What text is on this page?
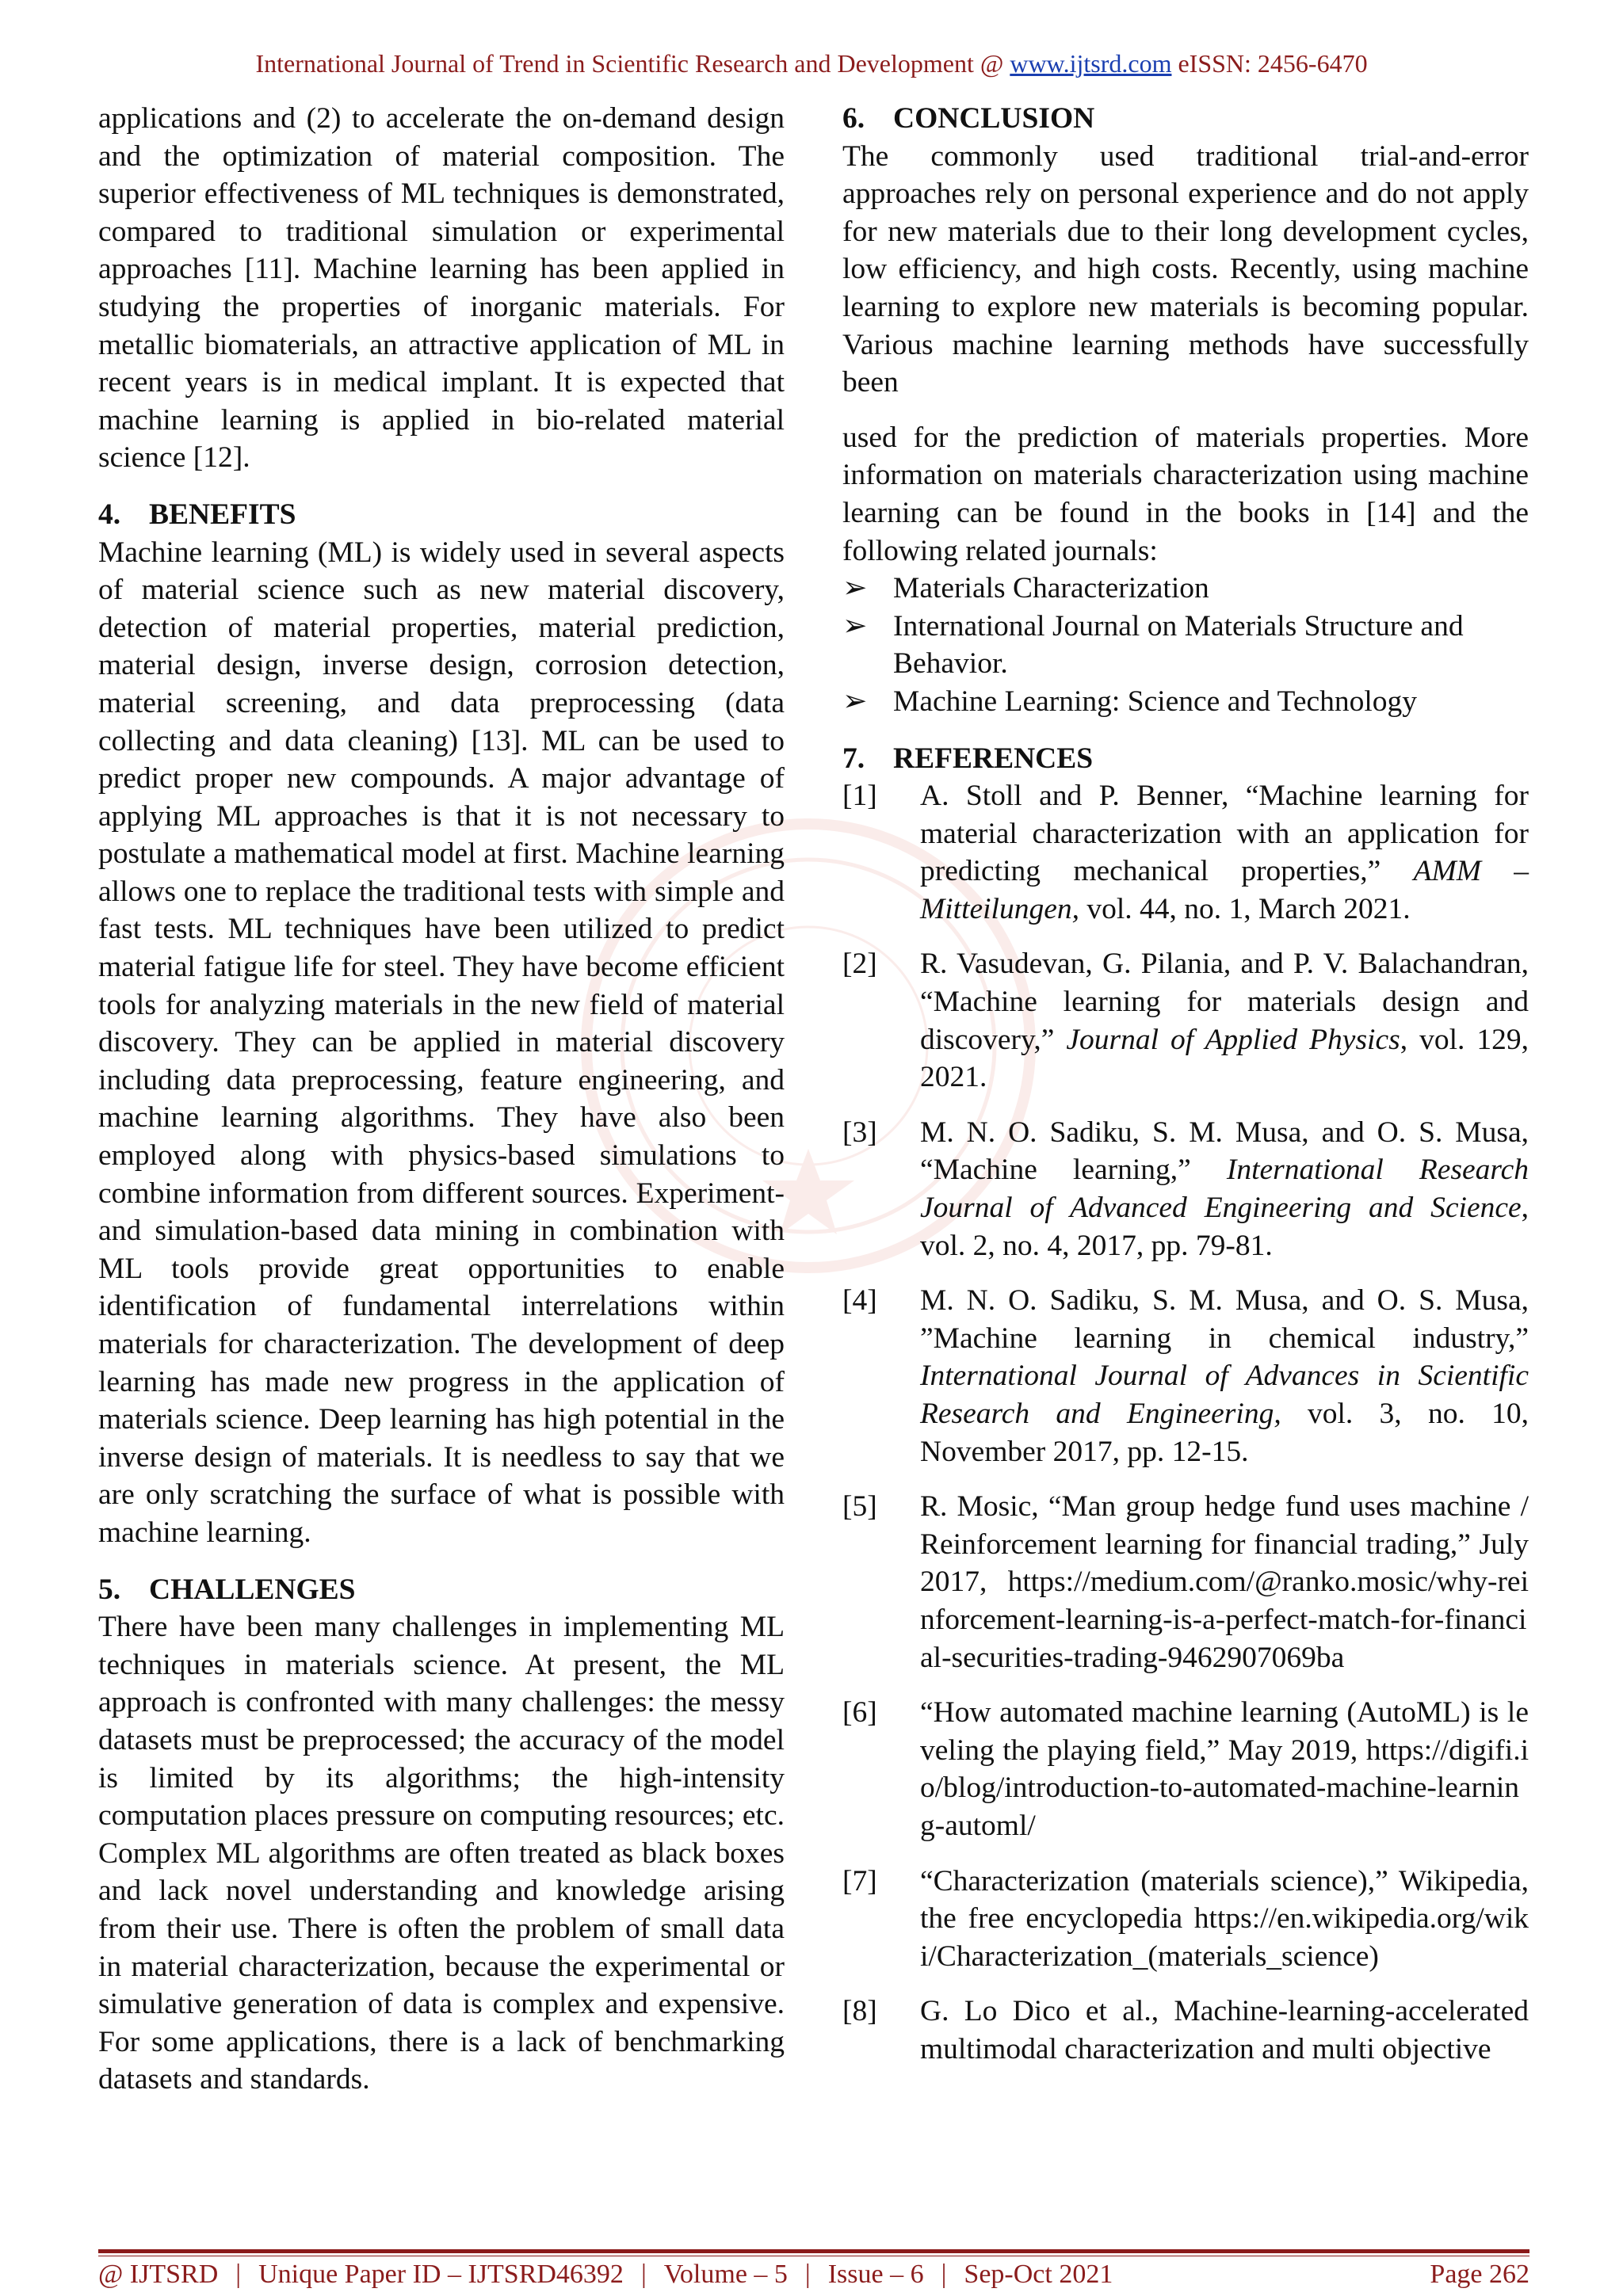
International Journal of Trend in Scientific Research and Development @ www.ijtsrd.com eISSN: 2456-6470

applications and (2) to accelerate the on-demand design and the optimization of material composition. The superior effectiveness of ML techniques is demonstrated, compared to traditional simulation or experimental approaches [11]. Machine learning has been applied in studying the properties of inorganic materials. For metallic biomaterials, an attractive application of ML in recent years is in medical implant. It is expected that machine learning is applied in bio-related material science [12].

4. BENEFITS

Machine learning (ML) is widely used in several aspects of material science such as new material discovery, detection of material properties, material prediction, material design, inverse design, corrosion detection, material screening, and data preprocessing (data collecting and data cleaning) [13]. ML can be used to predict proper new compounds. A major advantage of applying ML approaches is that it is not necessary to postulate a mathematical model at first. Machine learning allows one to replace the traditional tests with simple and fast tests. ML techniques have been utilized to predict material fatigue life for steel. They have become efficient tools for analyzing materials in the new field of material discovery. They can be applied in material discovery including data preprocessing, feature engineering, and machine learning algorithms. They have also been employed along with physics-based simulations to combine information from different sources. Experiment- and simulation-based data mining in combination with ML tools provide great opportunities to enable identification of fundamental interrelations within materials for characterization. The development of deep learning has made new progress in the application of materials science. Deep learning has high potential in the inverse design of materials. It is needless to say that we are only scratching the surface of what is possible with machine learning.

5. CHALLENGES

There have been many challenges in implementing ML techniques in materials science. At present, the ML approach is confronted with many challenges: the messy datasets must be preprocessed; the accuracy of the model is limited by its algorithms; the high-intensity computation places pressure on computing resources; etc. Complex ML algorithms are often treated as black boxes and lack novel understanding and knowledge arising from their use. There is often the problem of small data in material characterization, because the experimental or simulative generation of data is complex and expensive. For some applications, there is a lack of benchmarking datasets and standards.

6. CONCLUSION

The commonly used traditional trial-and-error approaches rely on personal experience and do not apply for new materials due to their long development cycles, low efficiency, and high costs. Recently, using machine learning to explore new materials is becoming popular. Various machine learning methods have successfully been

used for the prediction of materials properties. More information on materials characterization using machine learning can be found in the books in [14] and the following related journals:

➢ Materials Characterization
➢ International Journal on Materials Structure and Behavior.
➢ Machine Learning: Science and Technology
7. REFERENCES
[1] A. Stoll and P. Benner, “Machine learning for material characterization with an application for predicting mechanical properties,” AMM – Mitteilungen, vol. 44, no. 1, March 2021.
[2] R. Vasudevan, G. Pilania, and P. V. Balachandran, “Machine learning for materials design and discovery,” Journal of Applied Physics, vol. 129, 2021.
[3] M. N. O. Sadiku, S. M. Musa, and O. S. Musa, “Machine learning,” International Research Journal of Advanced Engineering and Science, vol. 2, no. 4, 2017, pp. 79-81.
[4] M. N. O. Sadiku, S. M. Musa, and O. S. Musa, ”Machine learning in chemical industry,” International Journal of Advances in Scientific Research and Engineering, vol. 3, no. 10, November 2017, pp. 12-15.
[5] R. Mosic, “Man group hedge fund uses machine / Reinforcement learning for financial trading,” July 2017, https://medium.com/@ranko.mosic/why-reinforcement-learning-is-a-perfect-match-for-financial-securities-trading-9462907069ba
[6] “How automated machine learning (AutoML) is leveling the playing field,” May 2019, https://digifi.io/blog/introduction-to-automated-machine-learning-automl/
[7] “Characterization (materials science),” Wikipedia, the free encyclopedia https://en.wikipedia.org/wiki/Characterization_(materials_science)
[8] G. Lo Dico et al., Machine-learning-accelerated multimodal characterization and multi objective
@ IJTSRD | Unique Paper ID – IJTSRD46392 | Volume – 5 | Issue – 6 | Sep-Oct 2021	Page 262
